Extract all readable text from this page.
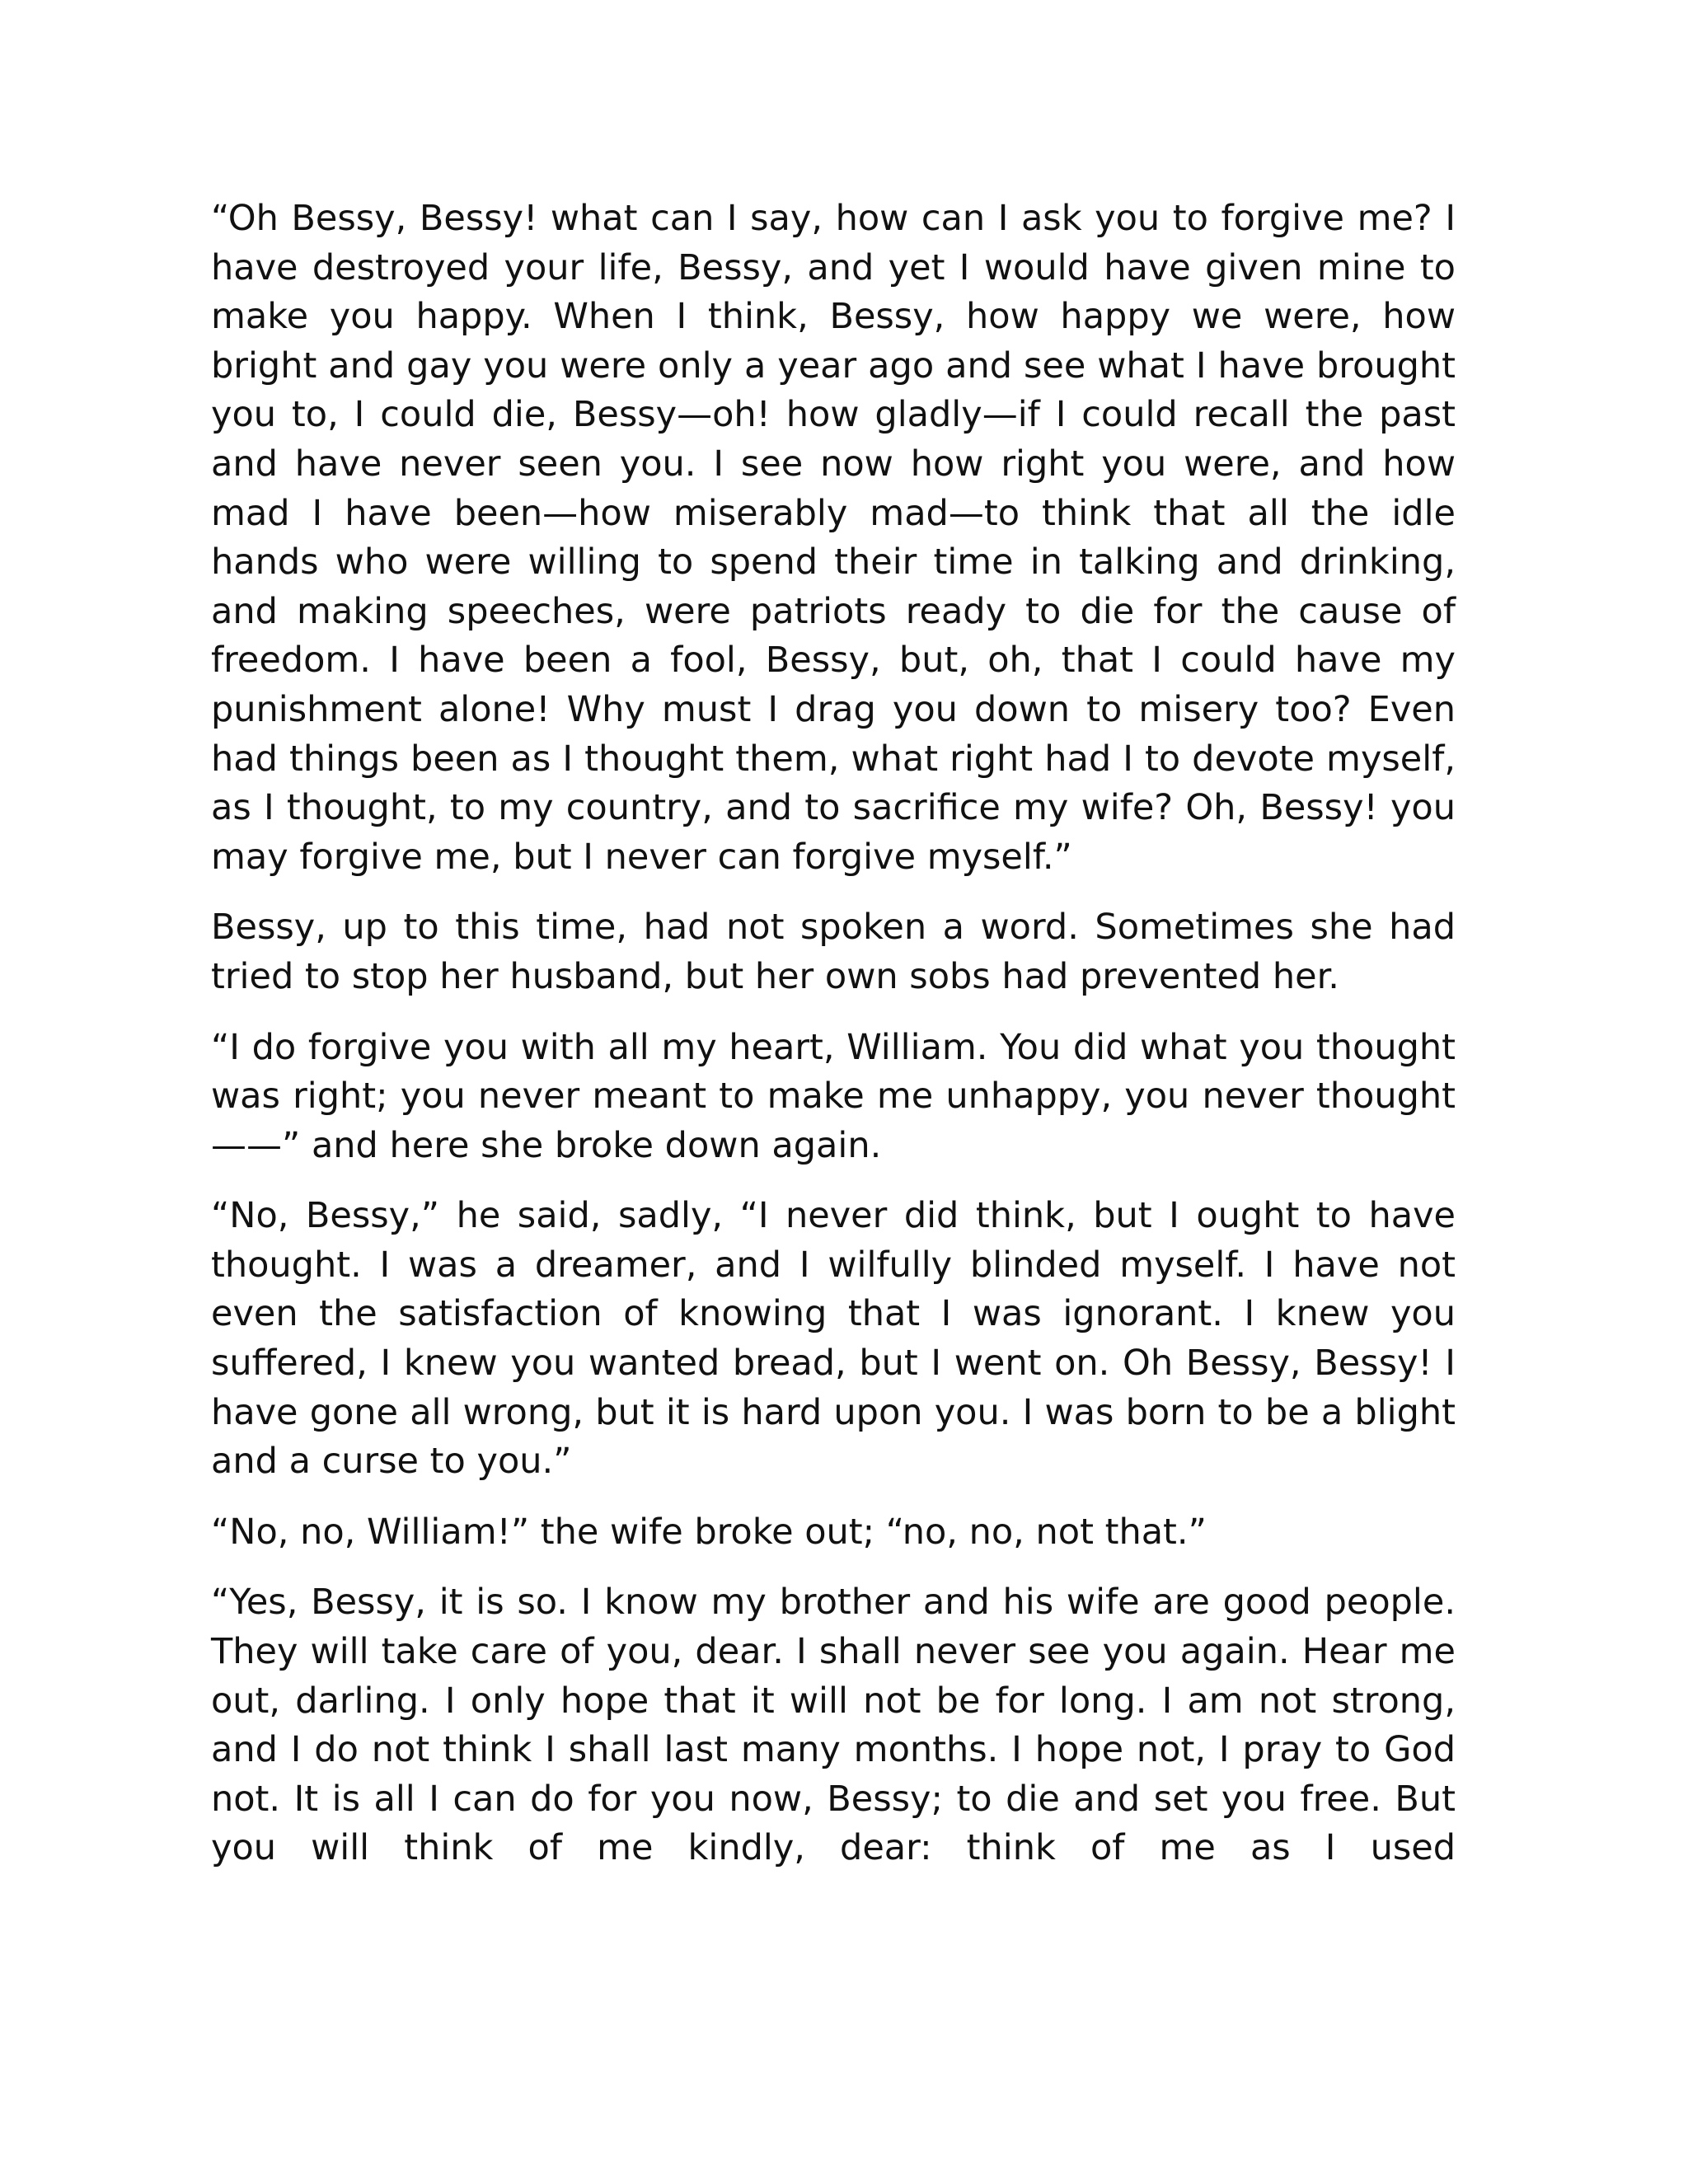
“Oh Bessy, Bessy! what can I say, how can I ask you to forgive me? I have destroyed your life, Bessy, and yet I would have given mine to make you happy. When I think, Bessy, how happy we were, how bright and gay you were only a year ago and see what I have brought you to, I could die, Bessy—oh! how gladly—if I could recall the past and have never seen you. I see now how right you were, and how mad I have been—how miserably mad—to think that all the idle hands who were willing to spend their time in talking and drinking, and making speeches, were patriots ready to die for the cause of freedom. I have been a fool, Bessy, but, oh, that I could have my punishment alone! Why must I drag you down to misery too? Even had things been as I thought them, what right had I to devote myself, as I thought, to my country, and to sacrifice my wife? Oh, Bessy! you may forgive me, but I never can forgive myself.”

Bessy, up to this time, had not spoken a word. Sometimes she had tried to stop her husband, but her own sobs had prevented her.

“I do forgive you with all my heart, William. You did what you thought was right; you never meant to make me unhappy, you never thought——” and here she broke down again.

“No, Bessy,” he said, sadly, “I never did think, but I ought to have thought. I was a dreamer, and I wilfully blinded myself. I have not even the satisfaction of knowing that I was ignorant. I knew you suffered, I knew you wanted bread, but I went on. Oh Bessy, Bessy! I have gone all wrong, but it is hard upon you. I was born to be a blight and a curse to you.”

“No, no, William!” the wife broke out; “no, no, not that.”

“Yes, Bessy, it is so. I know my brother and his wife are good people. They will take care of you, dear. I shall never see you again. Hear me out, darling. I only hope that it will not be for long. I am not strong, and I do not think I shall last many months. I hope not, I pray to God not. It is all I can do for you now, Bessy; to die and set you free. But you will think of me kindly, dear: think of me as I used
